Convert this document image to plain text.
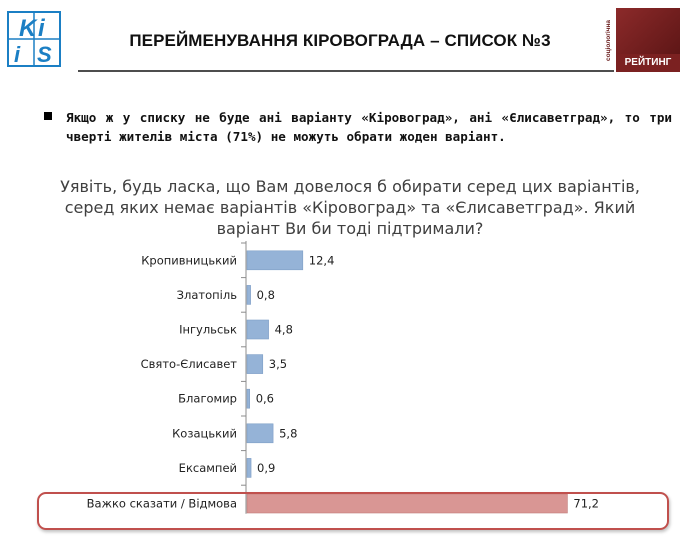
K i
i S
ПЕРЕЙМЕНУВАННЯ КІРОВОГРАДА – СПИСОК №3	соціологічна
РЕЙТИНГ
Якщо ж у списку не буде ані варіанту «Кіровоград», ані «Єлисаветград», то три чверті жителів міста (71%) не можуть обрати жоден варіант.
Уявіть, будь ласка, що Вам довелося б обирати серед цих варіантів, серед яких немає варіантів «Кіровоград» та «Єлисаветград». Який варіант Ви би тоді підтримали?
Кропивницький	12,4
Златопіль 0,8
Інгульськ	4,8
Свято-Єлисавет	3,5
Благомир 0,6
Козацький	5,8
Ексампей 0,9
Важко сказати / Відмова	71,2
